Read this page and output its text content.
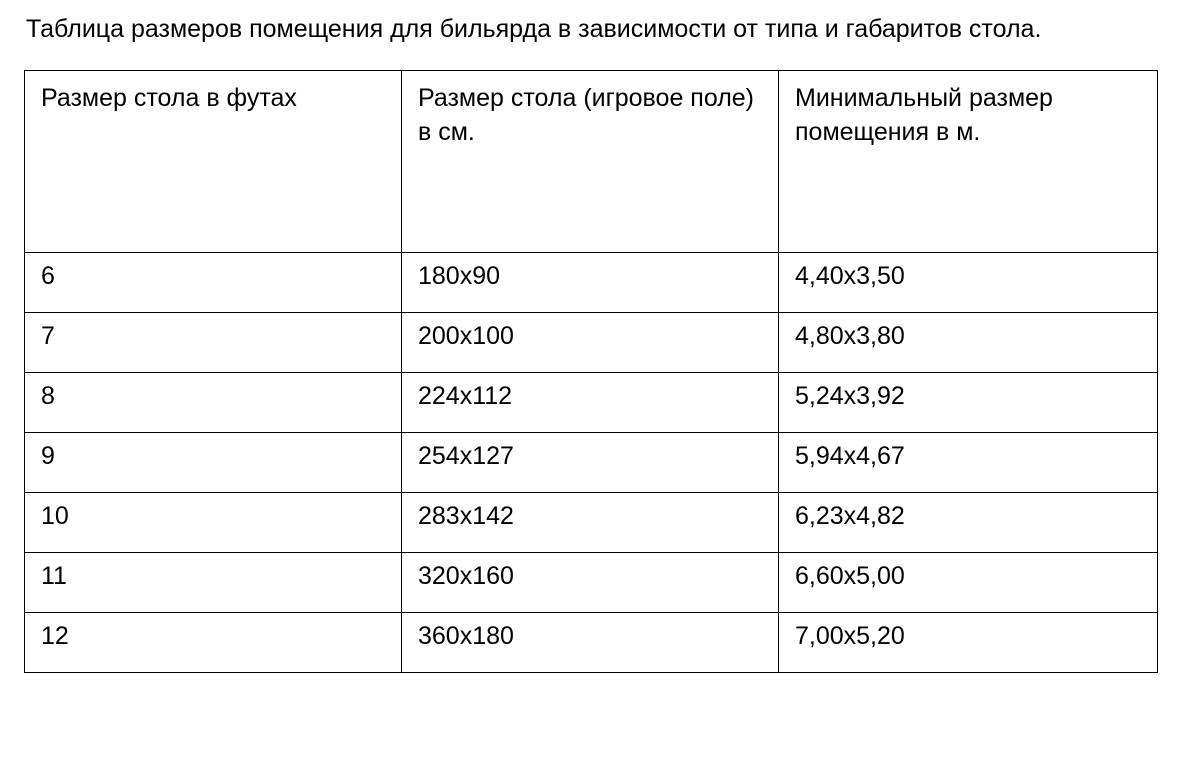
Таблица размеров помещения для бильярда в зависимости от типа и габаритов стола.
Размер стола в футах	Размер стола (игровое поле) в см.	Минимальный размер помещения в м.
6	180x90	4,40x3,50
7	200x100	4,80x3,80
8	224x112	5,24x3,92
9	254x127	5,94x4,67
10	283x142	6,23x4,82
11	320x160	6,60x5,00
12	360x180	7,00x5,20
